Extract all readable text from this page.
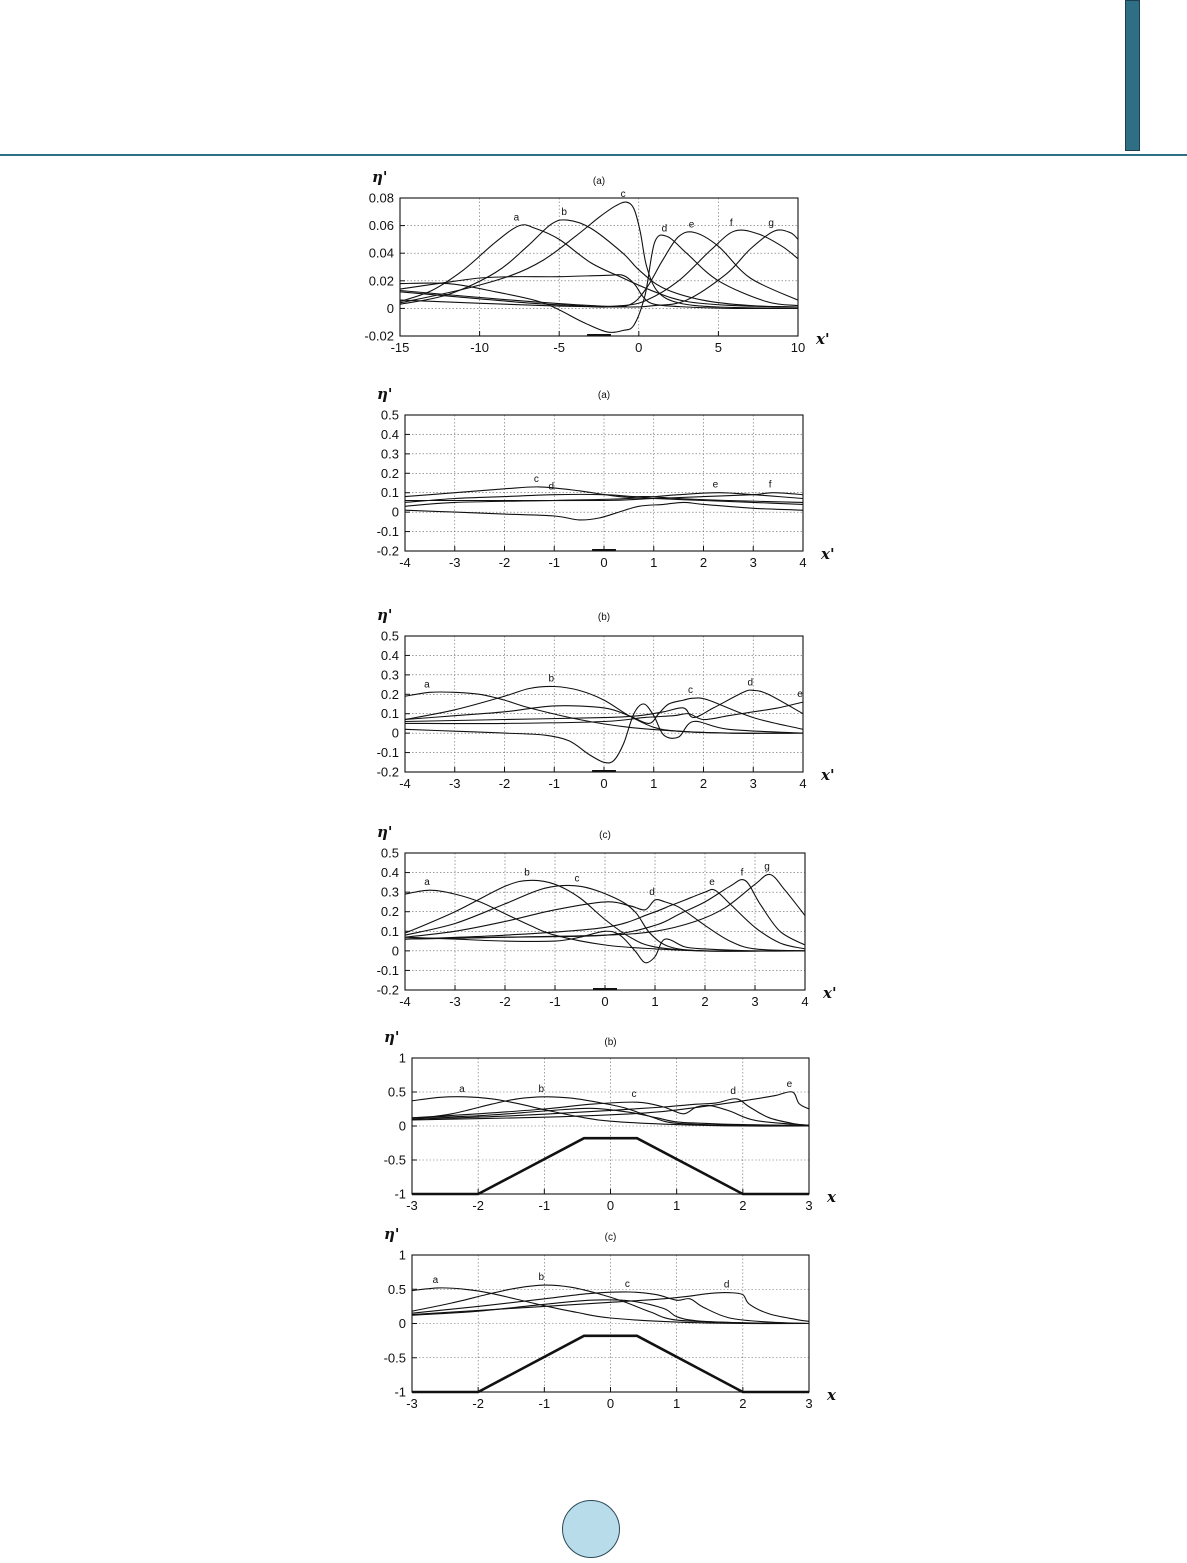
-15	-10	-5	0	5	10
-0.02
0
0.02
0.04
0.06
0.08
η'
x'
(a)
a
b
c
d e	f	g
-4	-3	-2	-1	0	1	2	3	4
-0.2
-0.1
0
0.1
0.2
0.3
0.4
0.5
η'
x'
(a)
c
d	e	f
-4	-3	-2	-1	0	1	2	3	4
-0.2
-0.1
0
0.1
0.2
0.3
0.4
0.5
η'
x'
(b)
a
b
c
d
e
-4	-3	-2	-1	0	1	2	3	4
-0.2
-0.1
0
0.1
0.2
0.3
0.4
0.5
η'
x'
(c)
a
b
c
d
e
f
g
-3	-2	-1	0	1	2	3
-1
-0.5
0
0.5
1
η'
x
(b)
a	b	c	d
e
-3	-2	-1	0	1	2	3
-1
-0.5
0
0.5
1
η'
x
(c)
a	b
c	d
